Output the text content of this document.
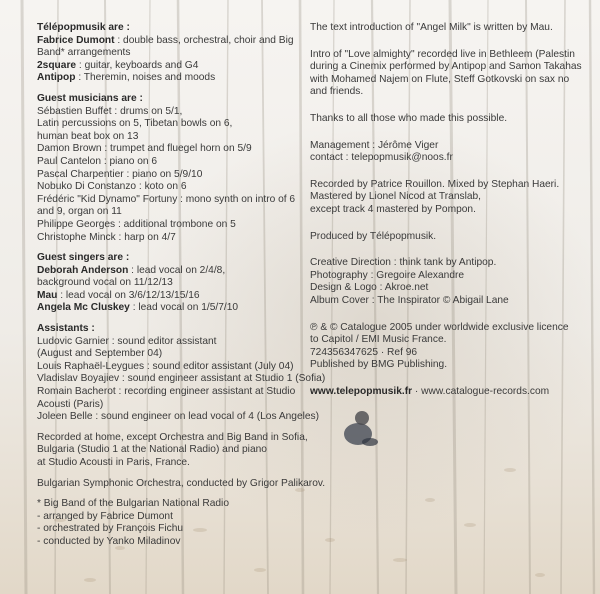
Télépopmusik are :
Fabrice Dumont : double bass, orchestral, choir and Big
Band* arrangements
2square : guitar, keyboards and G4
Antipop : Theremin, noises and moods
Guest musicians are :
Sébastien Buffet : drums on 5/1,
Latin percussions on 5, Tibetan bowls on 6,
human beat box on 13
Damon Brown : trumpet and fluegel horn on 5/9
Paul Cantelon : piano on 6
Pascal Charpentier : piano on 5/9/10
Nobuko Di Constanzo : koto on 6
Frédéric "Kid Dynamo" Fortuny : mono synth on intro of 6
and 9, organ on 11
Philippe Georges : additional trombone on 5
Christophe Minck : harp on 4/7
Guest singers are :
Deborah Anderson : lead vocal on 2/4/8,
background vocal on 11/12/13
Mau : lead vocal on 3/6/12/13/15/16
Angela Mc Cluskey : lead vocal on 1/5/7/10
Assistants :
Ludovic Garnier : sound editor assistant
(August and September 04)
Louis Raphaël-Leygues : sound editor assistant (July 04)
Vladislav Boyajiev : sound engineer assistant at Studio 1 (Sofia)
Romain Bacherot : recording engineer assistant at Studio
Acousti (Paris)
Joleen Belle : sound engineer on lead vocal of 4 (Los Angeles)
Recorded at home, except Orchestra and Big Band in Sofia,
Bulgaria (Studio 1 at the National Radio) and piano
at Studio Acousti in Paris, France.
Bulgarian Symphonic Orchestra, conducted by Grigor Palikarov.
* Big Band of the Bulgarian National Radio
- arranged by Fabrice Dumont
- orchestrated by François Fichu
- conducted by Yanko Miladinov
The text introduction of "Angel Milk" is written by Mau.
Intro of "Love almighty" recorded live in Bethleem (Palestin
during a Cinemix performed by Antipop and Samon Takahas
with Mohamed Najem on Flute, Steff Gotkovski on sax no
and friends.
Thanks to all those who made this possible.
Management : Jérôme Viger
contact : telepopmusik@noos.fr
Recorded by Patrice Rouillon. Mixed by Stephan Haeri.
Mastered by Lionel Nicod at Translab,
except track 4 mastered by Pompon.
Produced by Télépopmusik.
Creative Direction : think tank by Antipop.
Photography : Gregoire Alexandre
Design & Logo : Akroe.net
Album Cover : The Inspirator © Abigail Lane
℗ & © Catalogue 2005 under worldwide exclusive licence
to Capitol / EMI Music France.
724356347625 · Ref 96
Published by BMG Publishing.
www.telepopmusik.fr · www.catalogue-records.com
